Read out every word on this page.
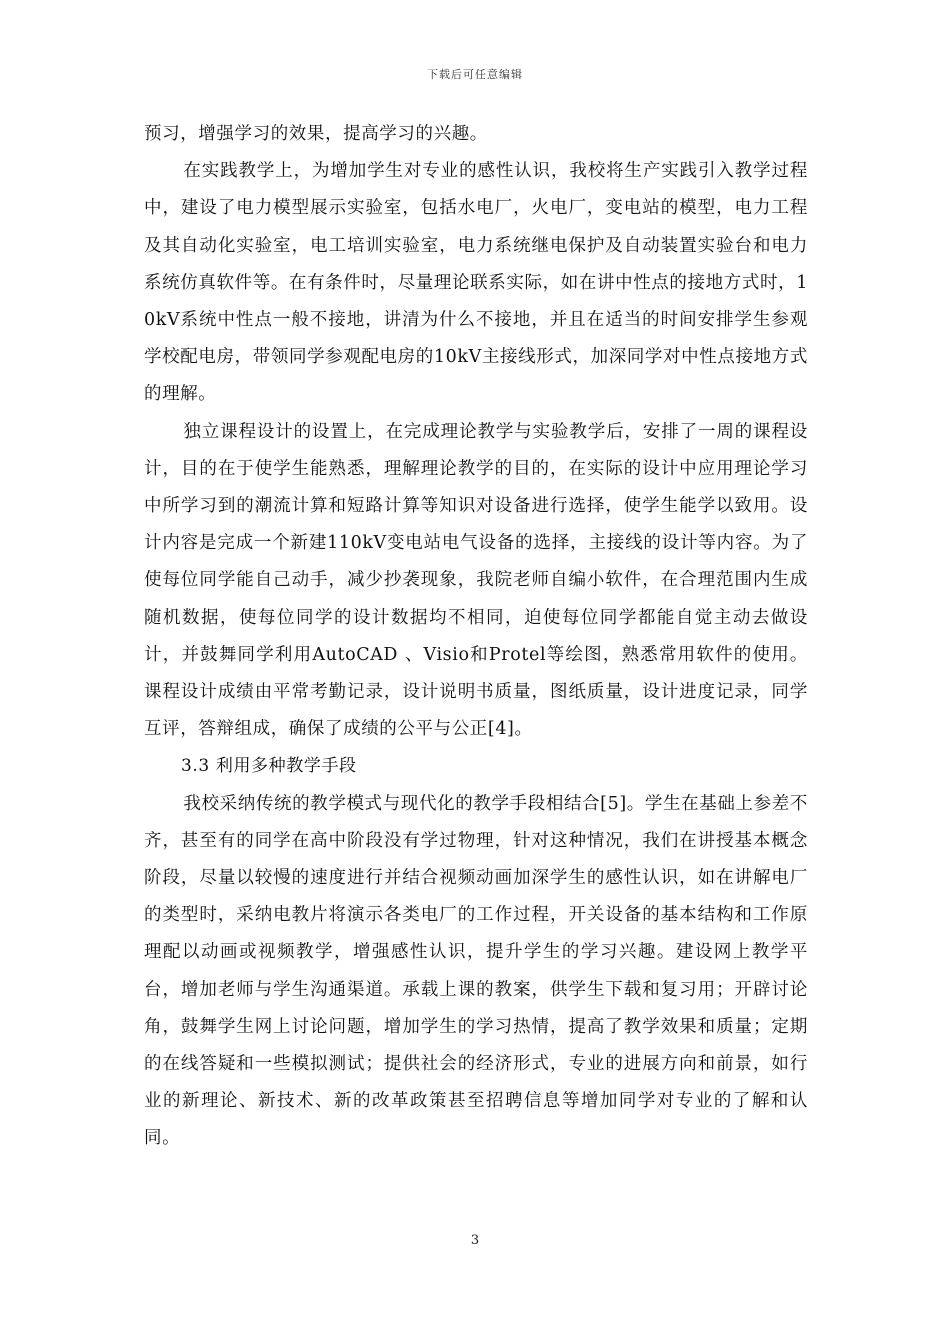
下载后可任意编辑

预习，增强学习的效果，提高学习的兴趣。

在实践教学上，为增加学生对专业的感性认识，我校将生产实践引入教学过程中，建设了电力模型展示实验室，包括水电厂，火电厂，变电站的模型，电力工程及其自动化实验室，电工培训实验室，电力系统继电保护及自动装置实验台和电力系统仿真软件等。在有条件时，尽量理论联系实际，如在讲中性点的接地方式时，10kV系统中性点一般不接地，讲清为什么不接地，并且在适当的时间安排学生参观学校配电房，带领同学参观配电房的10kV主接线形式，加深同学对中性点接地方式的理解。

独立课程设计的设置上，在完成理论教学与实验教学后，安排了一周的课程设计，目的在于使学生能熟悉，理解理论教学的目的，在实际的设计中应用理论学习中所学习到的潮流计算和短路计算等知识对设备进行选择，使学生能学以致用。设计内容是完成一个新建110kV变电站电气设备的选择，主接线的设计等内容。为了使每位同学能自己动手，减少抄袭现象，我院老师自编小软件，在合理范围内生成随机数据，使每位同学的设计数据均不相同，迫使每位同学都能自觉主动去做设计，并鼓舞同学利用AutoCAD 、Visio和Protel等绘图，熟悉常用软件的使用。课程设计成绩由平常考勤记录，设计说明书质量，图纸质量，设计进度记录，同学互评，答辩组成，确保了成绩的公平与公正[4]。

3.3 利用多种教学手段

我校采纳传统的教学模式与现代化的教学手段相结合[5]。学生在基础上参差不齐，甚至有的同学在高中阶段没有学过物理，针对这种情况，我们在讲授基本概念阶段，尽量以较慢的速度进行并结合视频动画加深学生的感性认识，如在讲解电厂的类型时，采纳电教片将演示各类电厂的工作过程，开关设备的基本结构和工作原理配以动画或视频教学，增强感性认识，提升学生的学习兴趣。建设网上教学平台，增加老师与学生沟通渠道。承载上课的教案，供学生下载和复习用；开辟讨论角，鼓舞学生网上讨论问题，增加学生的学习热情，提高了教学效果和质量；定期的在线答疑和一些模拟测试；提供社会的经济形式，专业的进展方向和前景，如行业的新理论、新技术、新的改革政策甚至招聘信息等增加同学对专业的了解和认同。

3
